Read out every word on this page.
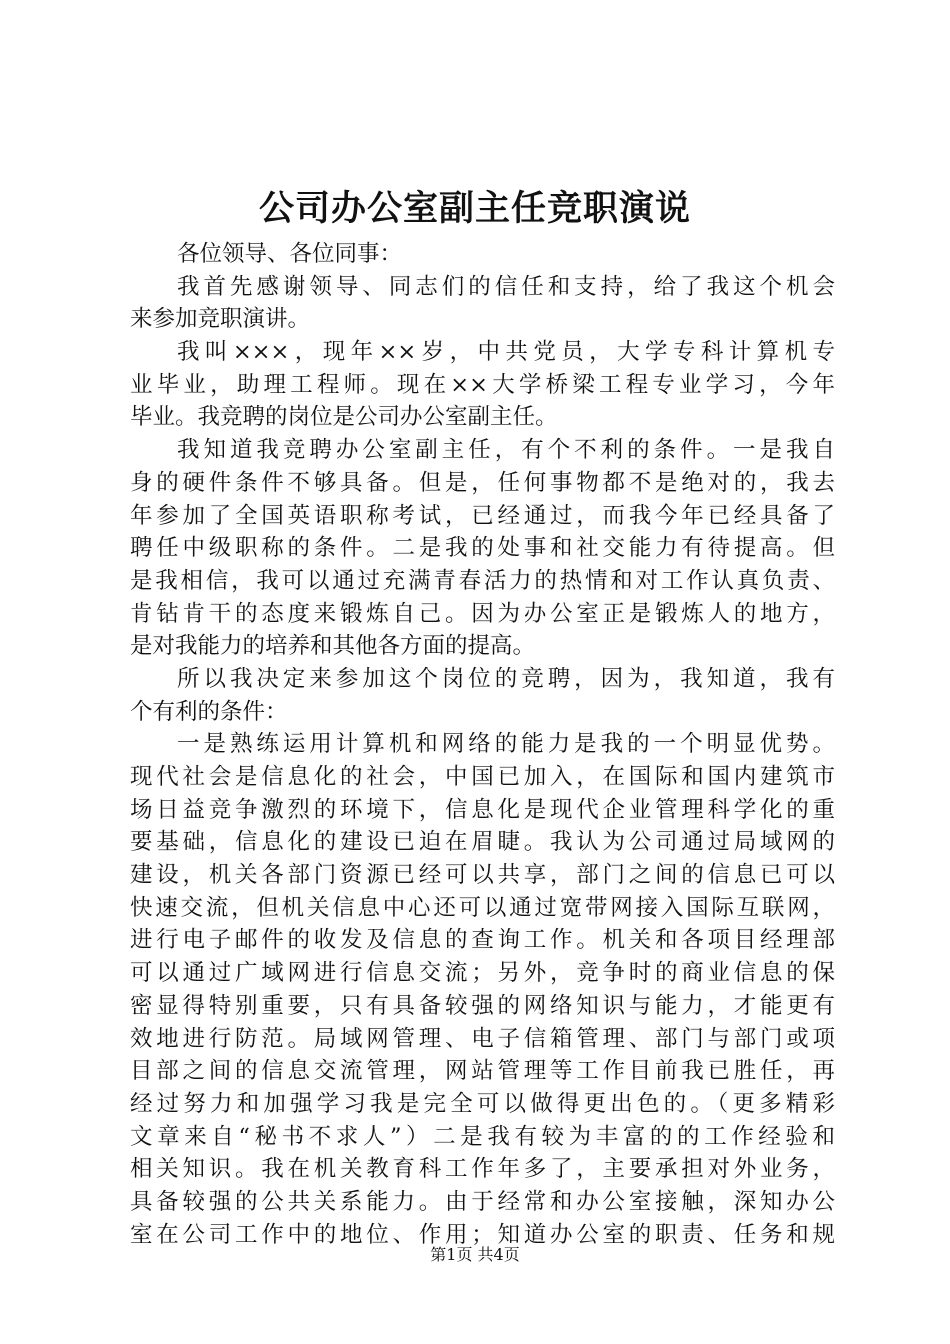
公司办公室副主任竞职演说
各位领导、各位同事：
我首先感谢领导、同志们的信任和支持，给了我这个机会
来参加竞职演讲。
我叫×××，现年××岁，中共党员，大学专科计算机专
业毕业，助理工程师。现在××大学桥梁工程专业学习，今年
毕业。我竞聘的岗位是公司办公室副主任。
我知道我竞聘办公室副主任，有个不利的条件。一是我自
身的硬件条件不够具备。但是，任何事物都不是绝对的，我去
年参加了全国英语职称考试，已经通过，而我今年已经具备了
聘任中级职称的条件。二是我的处事和社交能力有待提高。但
是我相信，我可以通过充满青春活力的热情和对工作认真负责、
肯钻肯干的态度来锻炼自己。因为办公室正是锻炼人的地方，
是对我能力的培养和其他各方面的提高。
所以我决定来参加这个岗位的竞聘，因为，我知道，我有
个有利的条件：
一是熟练运用计算机和网络的能力是我的一个明显优势。
现代社会是信息化的社会，中国已加入，在国际和国内建筑市
场日益竞争激烈的环境下，信息化是现代企业管理科学化的重
要基础，信息化的建设已迫在眉睫。我认为公司通过局域网的
建设，机关各部门资源已经可以共享，部门之间的信息已可以
快速交流，但机关信息中心还可以通过宽带网接入国际互联网，
进行电子邮件的收发及信息的查询工作。机关和各项目经理部
可以通过广域网进行信息交流；另外，竞争时的商业信息的保
密显得特别重要，只有具备较强的网络知识与能力，才能更有
效地进行防范。局域网管理、电子信箱管理、部门与部门或项
目部之间的信息交流管理，网站管理等工作目前我已胜任，再
经过努力和加强学习我是完全可以做得更出色的。（更多精彩
文章来自“秘书不求人”）二是我有较为丰富的的工作经验和
相关知识。我在机关教育科工作年多了，主要承担对外业务，
具备较强的公共关系能力。由于经常和办公室接触，深知办公
室在公司工作中的地位、作用；知道办公室的职责、任务和规
第1页 共4页
